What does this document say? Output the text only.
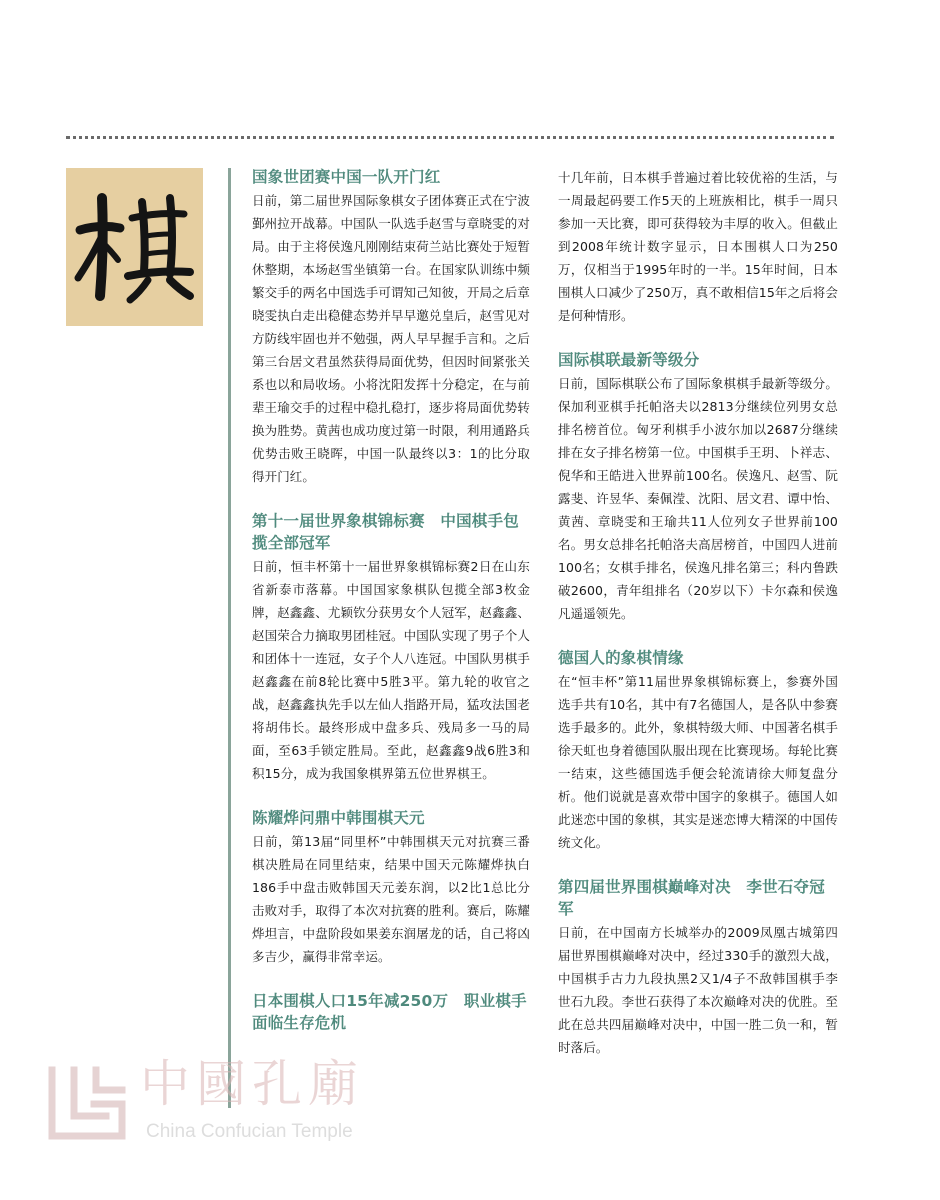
国象世团赛中国一队开门红

日前，第二届世界国际象棋女子团体赛正式在宁波鄞州拉开战幕。中国队一队选手赵雪与章晓雯的对局。由于主将侯逸凡刚刚结束荷兰站比赛处于短暂休整期，本场赵雪坐镇第一台。在国家队训练中频繁交手的两名中国选手可谓知己知彼，开局之后章晓雯执白走出稳健态势并早早邀兑皇后，赵雪见对方防线牢固也并不勉强，两人早早握手言和。之后第三台居文君虽然获得局面优势，但因时间紧张关系也以和局收场。小将沈阳发挥十分稳定，在与前辈王瑜交手的过程中稳扎稳打，逐步将局面优势转换为胜势。黄茜也成功度过第一时限，利用通路兵优势击败王晓晖，中国一队最终以3：1的比分取得开门红。

第十一届世界象棋锦标赛　中国棋手包揽全部冠军

日前，恒丰杯第十一届世界象棋锦标赛2日在山东省新泰市落幕。中国国家象棋队包揽全部3枚金牌，赵鑫鑫、尤颖钦分获男女个人冠军，赵鑫鑫、赵国荣合力摘取男团桂冠。中国队实现了男子个人和团体十一连冠，女子个人八连冠。中国队男棋手赵鑫鑫在前8轮比赛中5胜3平。第九轮的收官之战，赵鑫鑫执先手以左仙人指路开局，猛攻法国老将胡伟长。最终形成中盘多兵、残局多一马的局面，至63手锁定胜局。至此，赵鑫鑫9战6胜3和积15分，成为我国象棋界第五位世界棋王。

陈耀烨问鼎中韩围棋天元

日前，第13届“同里杯”中韩围棋天元对抗赛三番棋决胜局在同里结束，结果中国天元陈耀烨执白186手中盘击败韩国天元姜东润，以2比1总比分击败对手，取得了本次对抗赛的胜利。赛后，陈耀烨坦言，中盘阶段如果姜东润屠龙的话，自己将凶多吉少，赢得非常幸运。

日本围棋人口15年减250万　职业棋手面临生存危机

十几年前，日本棋手普遍过着比较优裕的生活，与一周最起码要工作5天的上班族相比，棋手一周只参加一天比赛，即可获得较为丰厚的收入。但截止到2008年统计数字显示，日本围棋人口为250万，仅相当于1995年时的一半。15年时间，日本围棋人口减少了250万，真不敢相信15年之后将会是何种情形。

国际棋联最新等级分

日前，国际棋联公布了国际象棋棋手最新等级分。保加利亚棋手托帕洛夫以2813分继续位列男女总排名榜首位。匈牙利棋手小波尔加以2687分继续排在女子排名榜第一位。中国棋手王玥、卜祥志、倪华和王皓进入世界前100名。侯逸凡、赵雪、阮露斐、许昱华、秦佩滢、沈阳、居文君、谭中怡、黄茜、章晓雯和王瑜共11人位列女子世界前100名。男女总排名托帕洛夫高居榜首，中国四人进前100名；女棋手排名，侯逸凡排名第三；科内鲁跌破2600，青年组排名（20岁以下）卡尔森和侯逸凡遥遥领先。

德国人的象棋情缘

在“恒丰杯”第11届世界象棋锦标赛上，参赛外国选手共有10名，其中有7名德国人，是各队中参赛选手最多的。此外，象棋特级大师、中国著名棋手徐天虹也身着德国队服出现在比赛现场。每轮比赛一结束，这些德国选手便会轮流请徐大师复盘分析。他们说就是喜欢带中国字的象棋子。德国人如此迷恋中国的象棋，其实是迷恋博大精深的中国传统文化。

第四届世界围棋巅峰对决　李世石夺冠军

日前，在中国南方长城举办的2009凤凰古城第四届世界围棋巅峰对决中，经过330手的激烈大战，中国棋手古力九段执黑2又1/4子不敌韩国棋手李世石九段。李世石获得了本次巅峰对决的优胜。至此在总共四届巅峰对决中，中国一胜二负一和，暂时落后。

中國孔廟
China Confucian Temple
